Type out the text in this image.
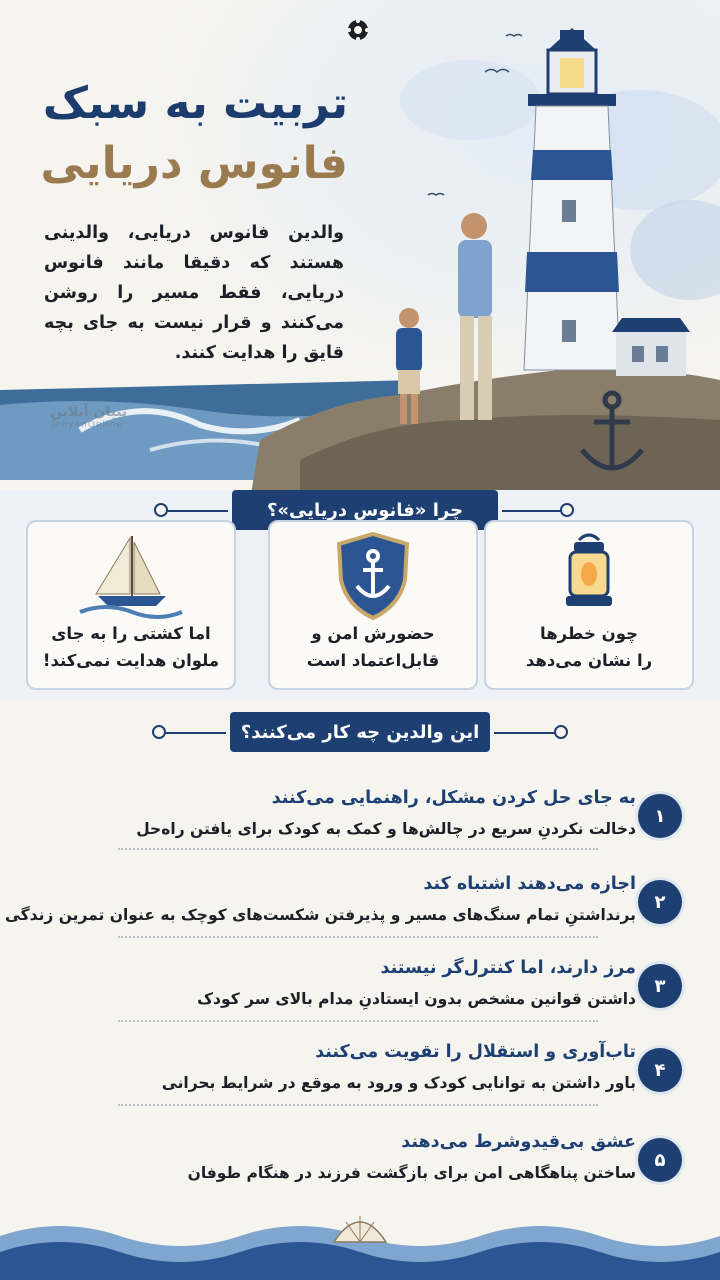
تربیت به سبک
فانوس دریایی
والدین فانوس دریایی، والدینی هستند که دقیقا مانند فانوس دریایی، فقط مسیر را روشن می‌کنند و قرار نیست به جای بچه قایق را هدایت کنند.
تبیان آنلاین
TebyanOnline
چرا «فانوس دریایی»؟
چون خطرها
را نشان می‌دهد
حضورش امن و
قابل‌اعتماد است
اما کشتی را به جای
ملوان هدایت نمی‌کند!
این والدین چه کار می‌کنند؟
۱
به جای حل کردن مشکل، راهنمایی می‌کنند
دخالت نکردنِ سریع در چالش‌ها و کمک به کودک برای یافتن راه‌حل
۲
اجازه می‌دهند اشتباه کند
برنداشتنِ تمام سنگ‌های مسیر و پذیرفتن شکست‌های کوچک به عنوان تمرین زندگی
۳
مرز دارند، اما کنترل‌گر نیستند
داشتن قوانین مشخص بدون ایستادنِ مدام بالای سر کودک
۴
تاب‌آوری و استقلال را تقویت می‌کنند
باور داشتن به توانایی کودک و ورود به موقع در شرایط بحرانی
۵
عشق بی‌قیدوشرط می‌دهند
ساختن پناهگاهی امن برای بازگشت فرزند در هنگام طوفان
